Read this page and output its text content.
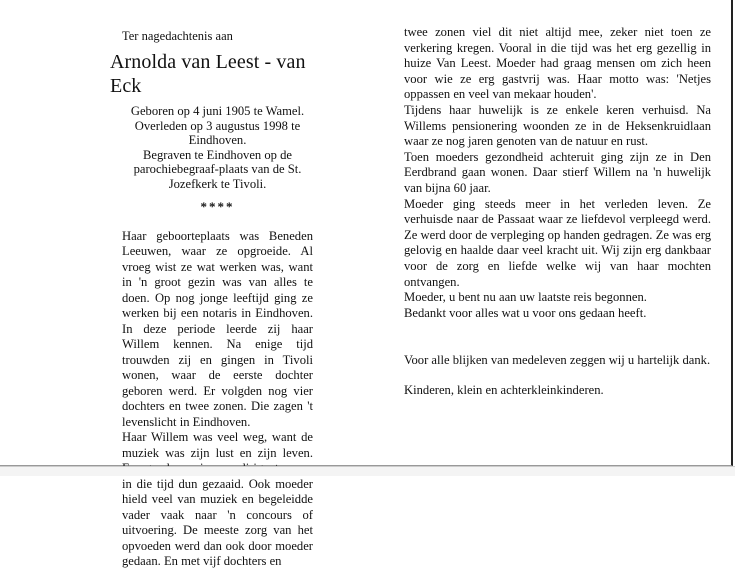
Ter nagedachtenis aan

Arnolda van Leest - van Eck

Geboren op 4 juni 1905 te Wamel.

Overleden op 3 augustus 1998 te Eindhoven.

Begraven te Eindhoven op de parochiebegraaf-plaats van de St. Jozefkerk te Tivoli.

****

Haar geboorteplaats was Beneden Leeuwen, waar ze opgroeide. Al vroeg wist ze wat werken was, want in 'n groot gezin was van alles te doen. Op nog jonge leeftijd ging ze werken bij een notaris in Eindhoven. In deze periode leerde zij haar Willem kennen. Na enige tijd trouwden zij en gingen in Tivoli wonen, waar de eerste dochter geboren werd. Er volgden nog vier dochters en twee zonen. Die zagen 't levenslicht in Eindhoven.

Haar Willem was veel weg, want de muziek was zijn lust en zijn leven. in die tijd dun gezaaid. Ook moeder hield veel van muziek en begeleidde vader vaak naar 'n concours of uitvoering. De meeste zorg van het opvoeden werd dan ook door moeder gedaan. En met vijf dochters en

twee zonen viel dit niet altijd mee, zeker niet toen ze verkering kregen. Vooral in die tijd was het erg gezellig in huize Van Leest. Moeder had graag mensen om zich heen voor wie ze erg gastvrij was. Haar motto was: 'Netjes oppassen en veel van mekaar houden'.

Tijdens haar huwelijk is ze enkele keren verhuisd. Na Willems pensionering woonden ze in de Heksenkruidlaan waar ze nog jaren genoten van de natuur en rust.

Toen moeders gezondheid achteruit ging zijn ze in Den Eerdbrand gaan wonen. Daar stierf Willem na 'n huwelijk van bijna 60 jaar.

Moeder ging steeds meer in het verleden leven. Ze verhuisde naar de Passaat waar ze liefdevol verpleegd werd. Ze werd door de verpleging op handen gedragen. Ze was erg gelovig en haalde daar veel kracht uit. Wij zijn erg dankbaar voor de zorg en liefde welke wij van haar mochten ontvangen.

Moeder, u bent nu aan uw laatste reis begonnen.

Bedankt voor alles wat u voor ons gedaan heeft.

Voor alle blijken van medeleven zeggen wij u hartelijk dank.

Kinderen, klein en achterkleinkinderen.
